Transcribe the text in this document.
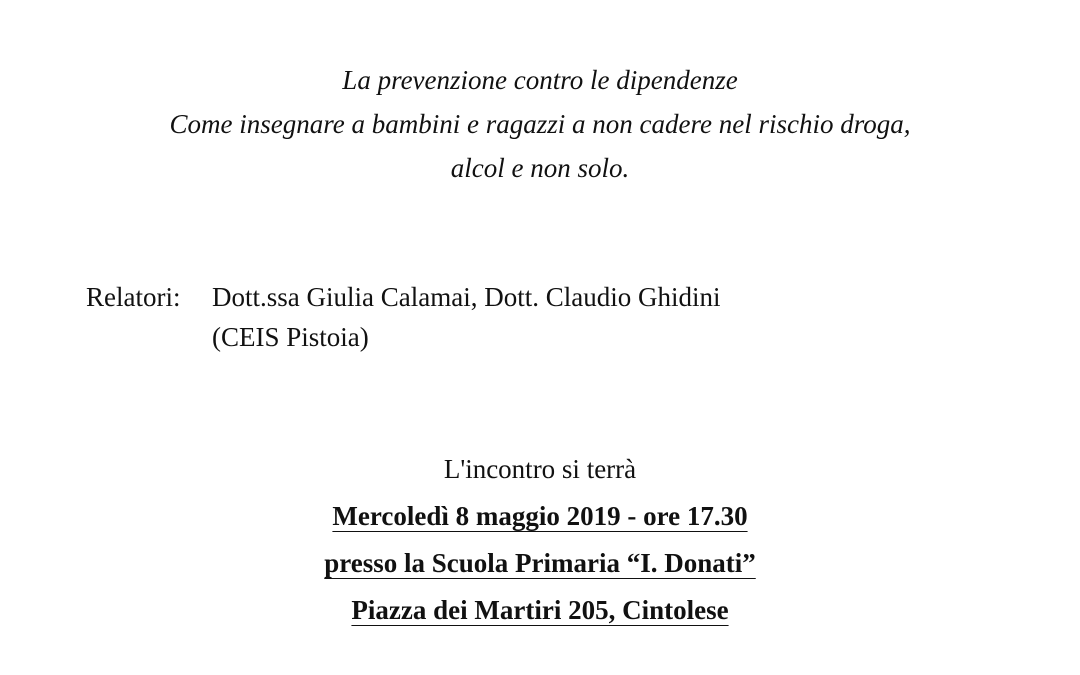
La prevenzione contro le dipendenze
Come insegnare a bambini e ragazzi a non cadere nel rischio droga,
alcol e non solo.
Relatori: Dott.ssa Giulia Calamai, Dott. Claudio Ghidini
(CEIS Pistoia)
L'incontro si terrà
Mercoledì 8 maggio 2019 - ore 17.30
presso la Scuola Primaria “I. Donati”
Piazza dei Martiri 205, Cintolese
